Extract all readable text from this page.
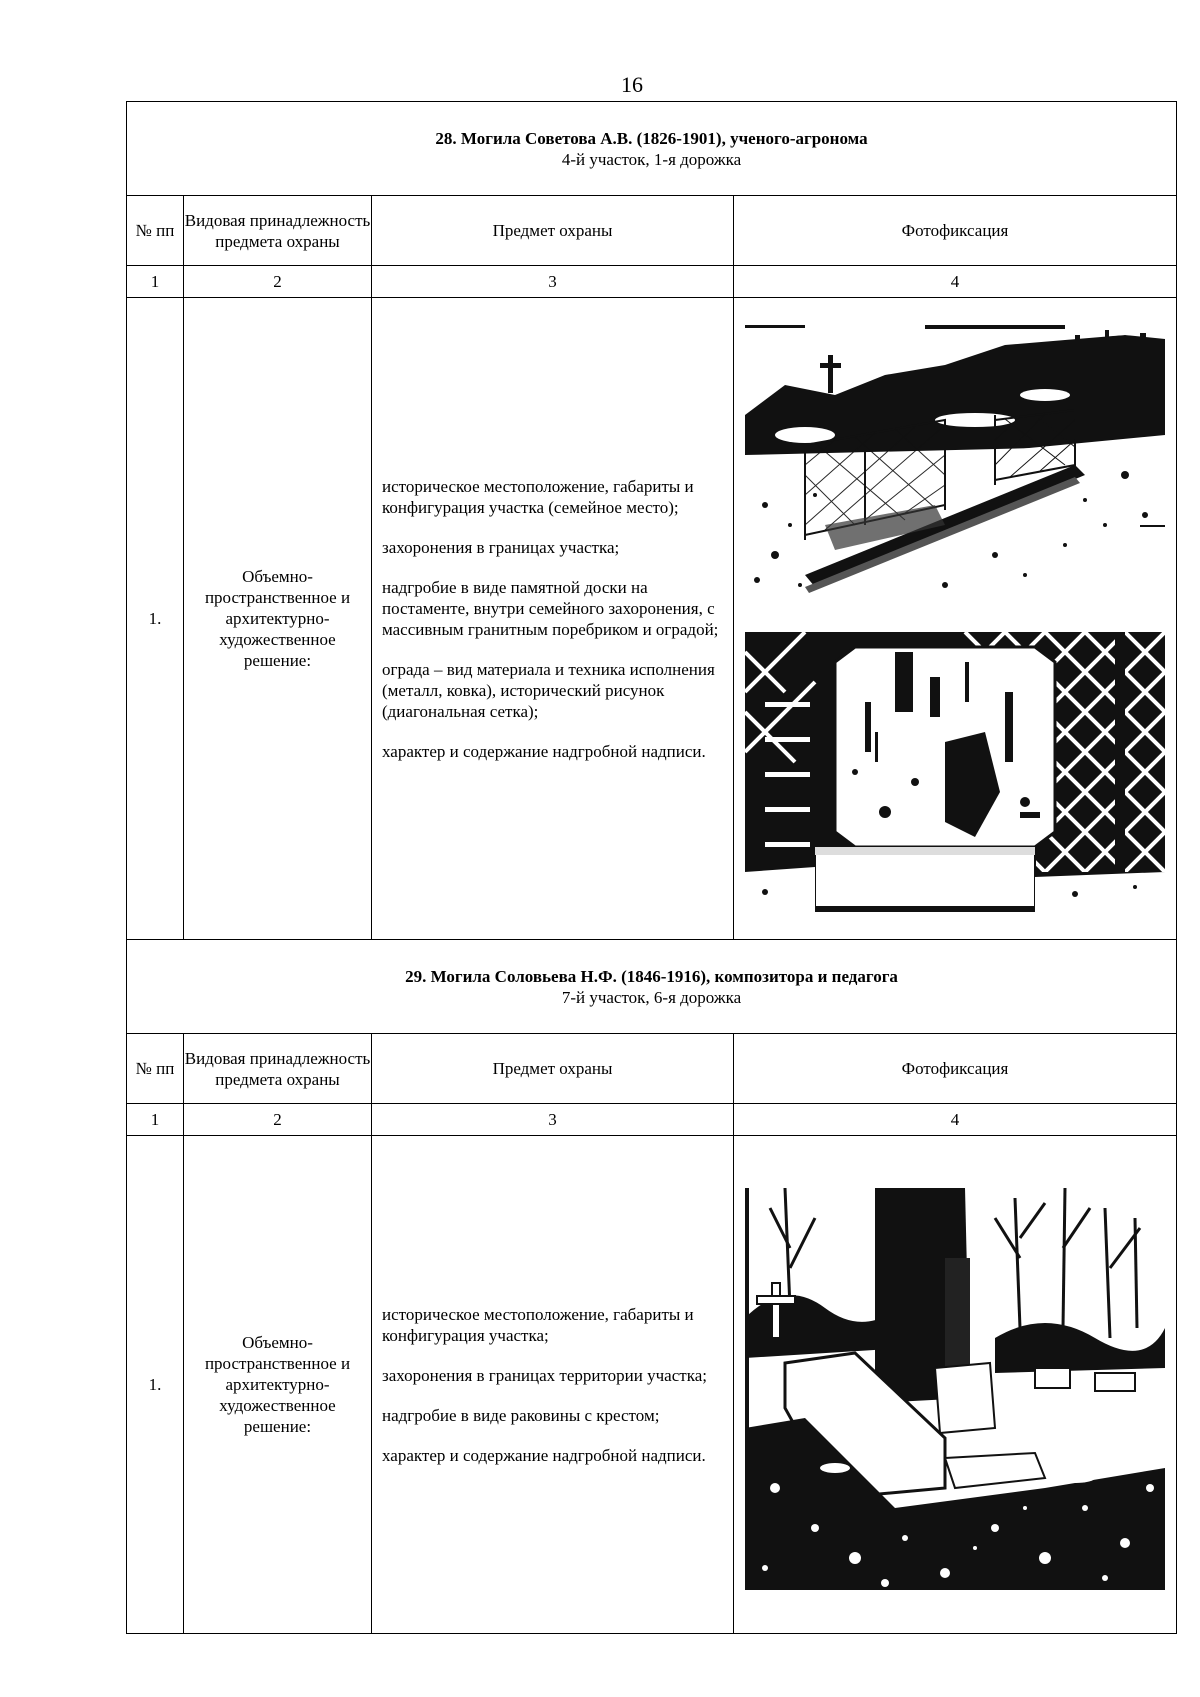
16
28. Могила Советова А.В. (1826-1901), ученого-агронома
4-й участок, 1-я дорожка			

№ пп	Видовая принадлежность предмета охраны	Предмет охраны	Фотофиксация
1	2	3	4
1.	Объемно-пространственное и архитектурно-художественное решение:	историческое местоположение, габариты и конфигурация участка (семейное место);

захоронения в границах участка;

надгробие в виде памятной доски на постаменте, внутри семейного захоронения, с массивным гранитным поребриком и оградой;

ограда – вид материала и техника исполнения (металл, ковка), исторический рисунок (диагональная сетка);

характер и содержание надгробной надписи.

29. Могила Соловьева Н.Ф. (1846-1916), композитора и педагога
7-й участок, 6-я дорожка			

№ пп	Видовая принадлежность предмета охраны	Предмет охраны	Фотофиксация
1	2	3	4
1.	Объемно-пространственное и архитектурно-художественное решение:	историческое местоположение, габариты и конфигурация участка;

захоронения в границах территории участка;

надгробие в виде раковины с крестом;

характер и содержание надгробной надписи.
